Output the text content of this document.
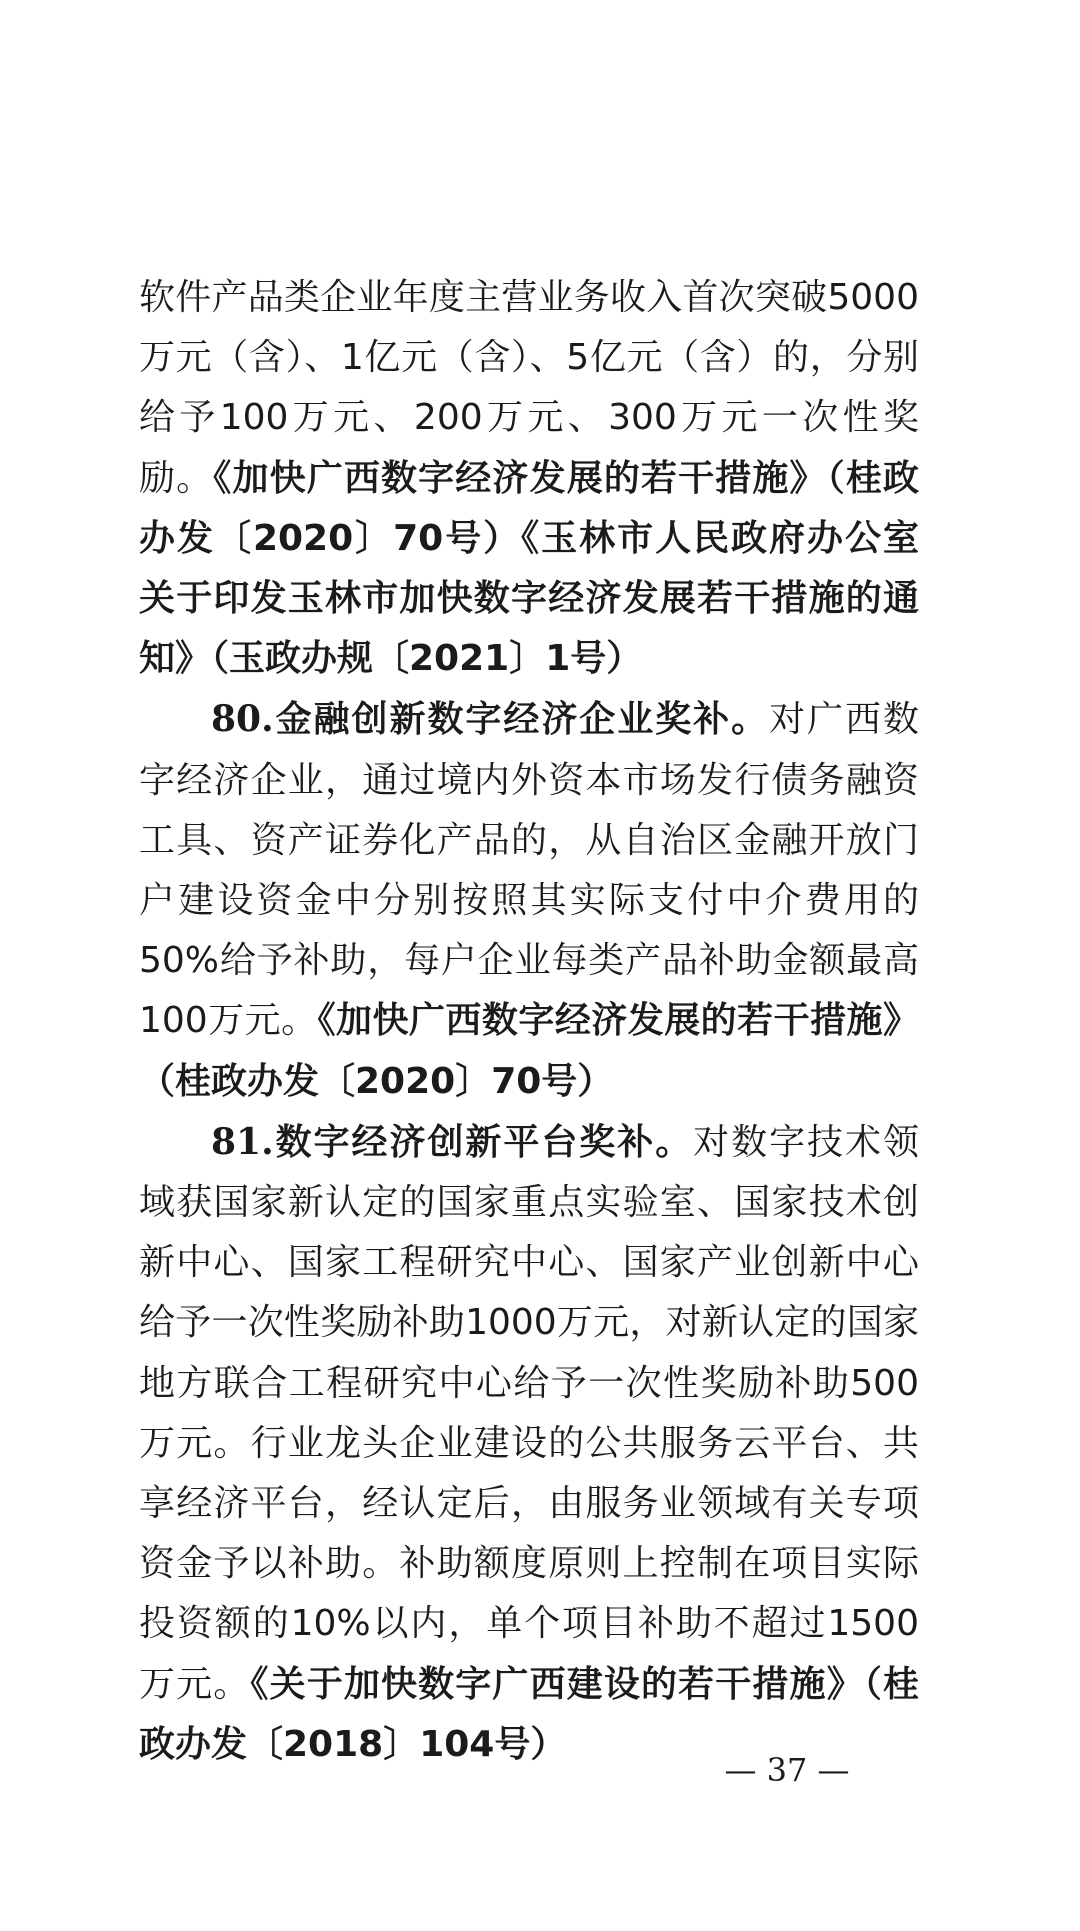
软件产品类企业年度主营业务收入首次突破5000万元（含）、1亿元（含）、5亿元（含）的，分别给予100万元、200万元、300万元一次性奖励。《加快广西数字经济发展的若干措施》（桂政办发〔2020〕70号）《玉林市人民政府办公室关于印发玉林市加快数字经济发展若干措施的通知》（玉政办规〔2021〕1号）

80.金融创新数字经济企业奖补。对广西数字经济企业，通过境内外资本市场发行债务融资工具、资产证券化产品的，从自治区金融开放门户建设资金中分别按照其实际支付中介费用的50%给予补助，每户企业每类产品补助金额最高100万元。《加快广西数字经济发展的若干措施》（桂政办发〔2020〕70号）

81.数字经济创新平台奖补。对数字技术领域获国家新认定的国家重点实验室、国家技术创新中心、国家工程研究中心、国家产业创新中心给予一次性奖励补助1000万元，对新认定的国家地方联合工程研究中心给予一次性奖励补助500万元。行业龙头企业建设的公共服务云平台、共享经济平台，经认定后，由服务业领域有关专项资金予以补助。补助额度原则上控制在项目实际投资额的10%以内，单个项目补助不超过1500万元。《关于加快数字广西建设的若干措施》（桂政办发〔2018〕104号）

— 37 —
